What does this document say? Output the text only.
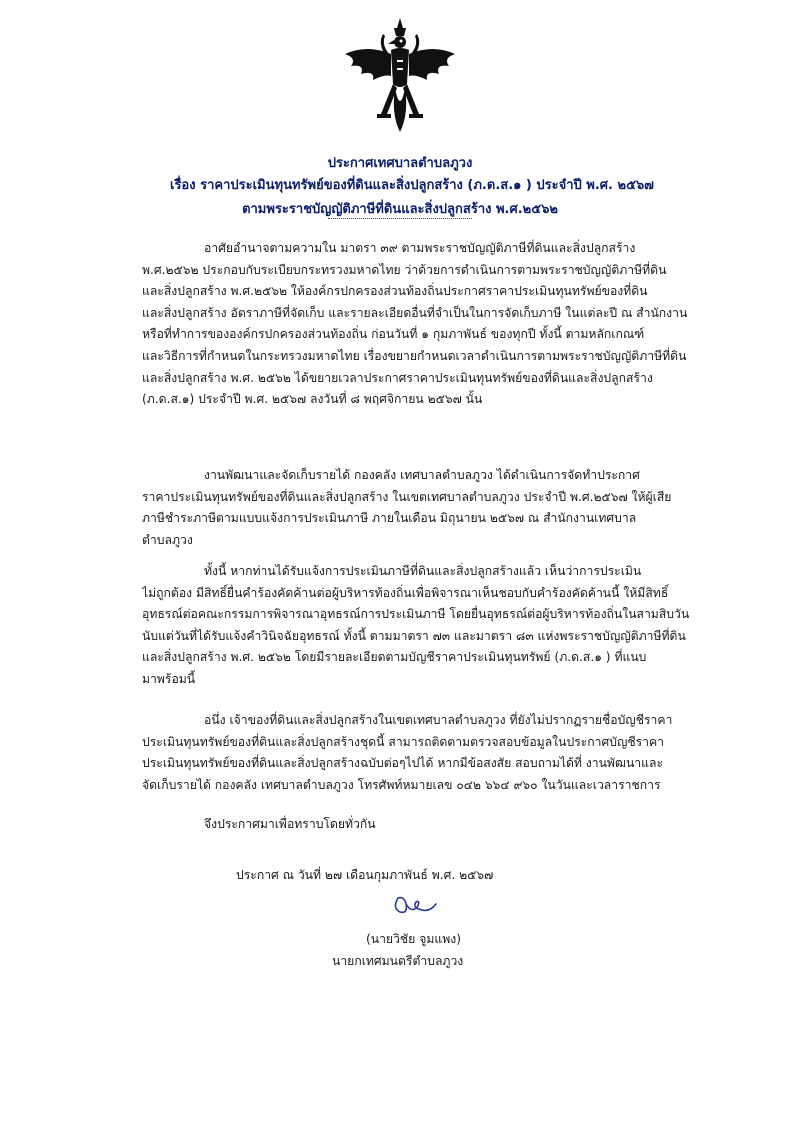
ประกาศเทศบาลตำบลภูวง
เรื่อง ราคาประเมินทุนทรัพย์ของที่ดินและสิ่งปลูกสร้าง (ภ.ด.ส.๑ ) ประจำปี พ.ศ. ๒๕๖๗
ตามพระราชบัญญัติภาษีที่ดินและสิ่งปลูกสร้าง พ.ศ.๒๕๖๒
อาศัยอำนาจตามความใน มาตรา ๓๙ ตามพระราชบัญญัติภาษีที่ดินและสิ่งปลูกสร้าง
พ.ศ.๒๕๖๒ ประกอบกับระเบียบกระทรวงมหาดไทย ว่าด้วยการดำเนินการตามพระราชบัญญัติภาษีที่ดิน
และสิ่งปลูกสร้าง พ.ศ.๒๕๖๒ ให้องค์กรปกครองส่วนท้องถิ่นประกาศราคาประเมินทุนทรัพย์ของที่ดิน
และสิ่งปลูกสร้าง อัตราภาษีที่จัดเก็บ และรายละเอียดอื่นที่จำเป็นในการจัดเก็บภาษี ในแต่ละปี ณ สำนักงาน
หรือที่ทำการขององค์กรปกครองส่วนท้องถิ่น ก่อนวันที่ ๑ กุมภาพันธ์ ของทุกปี ทั้งนี้ ตามหลักเกณฑ์
และวิธีการที่กำหนดในกระทรวงมหาดไทย เรื่องขยายกำหนดเวลาดำเนินการตามพระราชบัญญัติภาษีที่ดิน
และสิ่งปลูกสร้าง พ.ศ. ๒๕๖๒ ได้ขยายเวลาประกาศราคาประเมินทุนทรัพย์ของที่ดินและสิ่งปลูกสร้าง
(ภ.ด.ส.๑) ประจำปี พ.ศ. ๒๕๖๗ ลงวันที่ ๘ พฤศจิกายน ๒๕๖๗ นั้น
งานพัฒนาและจัดเก็บรายได้ กองคลัง เทศบาลตำบลภูวง ได้ดำเนินการจัดทำประกาศ
ราคาประเมินทุนทรัพย์ของที่ดินและสิ่งปลูกสร้าง ในเขตเทศบาลตำบลภูวง ประจำปี พ.ศ.๒๕๖๗ ให้ผู้เสีย
ภาษีชำระภาษีตามแบบแจ้งการประเมินภาษี ภายในเดือน มิถุนายน ๒๕๖๗ ณ สำนักงานเทศบาล
ตำบลภูวง
ทั้งนี้ หากท่านได้รับแจ้งการประเมินภาษีที่ดินและสิ่งปลูกสร้างแล้ว เห็นว่าการประเมิน
ไม่ถูกต้อง มีสิทธิ์ยื่นคำร้องคัดค้านต่อผู้บริหารท้องถิ่นเพื่อพิจารณาเห็นชอบกับคำร้องคัดค้านนี้ ให้มีสิทธิ์
อุทธรณ์ต่อคณะกรรมการพิจารณาอุทธรณ์การประเมินภาษี โดยยื่นอุทธรณ์ต่อผู้บริหารท้องถิ่นในสามสิบวัน
นับแต่วันที่ได้รับแจ้งคำวินิจฉัยอุทธรณ์ ทั้งนี้ ตามมาตรา ๗๓ และมาตรา ๘๓ แห่งพระราชบัญญัติภาษีที่ดิน
และสิ่งปลูกสร้าง พ.ศ. ๒๕๖๒ โดยมีรายละเอียดตามบัญชีราคาประเมินทุนทรัพย์ (ภ.ด.ส.๑ ) ที่แนบ
มาพร้อมนี้
อนึ่ง เจ้าของที่ดินและสิ่งปลูกสร้างในเขตเทศบาลตำบลภูวง ที่ยังไม่ปรากฏรายชื่อบัญชีราคา
ประเมินทุนทรัพย์ของที่ดินและสิ่งปลูกสร้างชุดนี้ สามารถติดตามตรวจสอบข้อมูลในประกาศบัญชีราคา
ประเมินทุนทรัพย์ของที่ดินและสิ่งปลูกสร้างฉบับต่อๆไปได้ หากมีข้อสงสัย สอบถามได้ที่ งานพัฒนาและ
จัดเก็บรายได้ กองคลัง เทศบาลตำบลภูวง โทรศัพท์หมายเลข ๐๔๒ ๖๖๔ ๙๖๐ ในวันและเวลาราชการ
จึงประกาศมาเพื่อทราบโดยทั่วกัน
ประกาศ ณ วันที่ ๒๗ เดือนกุมภาพันธ์ พ.ศ. ๒๕๖๗
(นายวิชัย จูมแพง)
นายกเทศมนตรีตำบลภูวง
